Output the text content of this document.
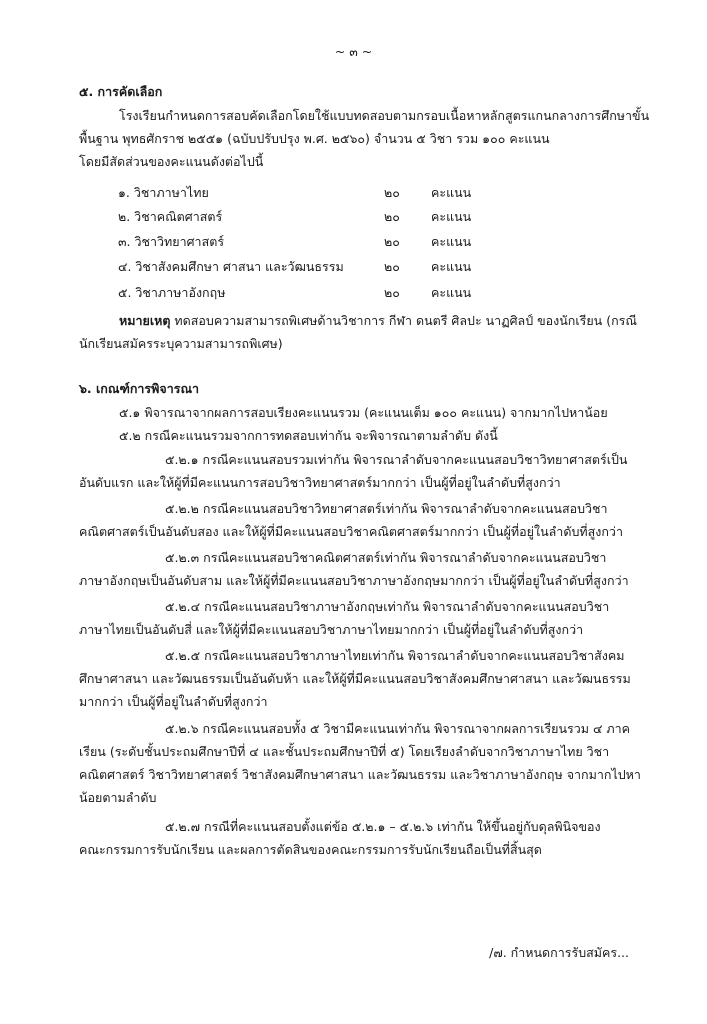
~ ๓ ~
๕. การคัดเลือก
โรงเรียนกำหนดการสอบคัดเลือกโดยใช้แบบทดสอบตามกรอบเนื้อหาหลักสูตรแกนกลางการศึกษาขั้น
พื้นฐาน พุทธศักราช ๒๕๕๑ (ฉบับปรับปรุง พ.ศ. ๒๕๖๐) จำนวน ๕ วิชา รวม ๑๐๐ คะแนน
โดยมีสัดส่วนของคะแนนดังต่อไปนี้
๑. วิชาภาษาไทย	๒๐ คะแนน
๒. วิชาคณิตศาสตร์	๒๐ คะแนน
๓. วิชาวิทยาศาสตร์	๒๐ คะแนน
๔. วิชาสังคมศึกษา ศาสนา และวัฒนธรรม	๒๐ คะแนน
๕. วิชาภาษาอังกฤษ	๒๐ คะแนน
หมายเหตุ ทดสอบความสามารถพิเศษด้านวิชาการ กีฬา ดนตรี ศิลปะ นาฏศิลป์ ของนักเรียน (กรณี
นักเรียนสมัครระบุความสามารถพิเศษ)
๖. เกณฑ์การพิจารณา
๕.๑ พิจารณาจากผลการสอบเรียงคะแนนรวม (คะแนนเต็ม ๑๐๐ คะแนน) จากมากไปหาน้อย
๕.๒ กรณีคะแนนรวมจากการทดสอบเท่ากัน จะพิจารณาตามลำดับ ดังนี้
๕.๒.๑ กรณีคะแนนสอบรวมเท่ากัน พิจารณาลำดับจากคะแนนสอบวิชาวิทยาศาสตร์เป็น
อันดับแรก และให้ผู้ที่มีคะแนนการสอบวิชาวิทยาศาสตร์มากกว่า เป็นผู้ที่อยู่ในลำดับที่สูงกว่า
๕.๒.๒ กรณีคะแนนสอบวิชาวิทยาศาสตร์เท่ากัน พิจารณาลำดับจากคะแนนสอบวิชา
คณิตศาสตร์เป็นอันดับสอง และให้ผู้ที่มีคะแนนสอบวิชาคณิตศาสตร์มากกว่า เป็นผู้ที่อยู่ในลำดับที่สูงกว่า
๕.๒.๓ กรณีคะแนนสอบวิชาคณิตศาสตร์เท่ากัน พิจารณาลำดับจากคะแนนสอบวิชา
ภาษาอังกฤษเป็นอันดับสาม และให้ผู้ที่มีคะแนนสอบวิชาภาษาอังกฤษมากกว่า เป็นผู้ที่อยู่ในลำดับที่สูงกว่า
๕.๒.๔ กรณีคะแนนสอบวิชาภาษาอังกฤษเท่ากัน พิจารณาลำดับจากคะแนนสอบวิชา
ภาษาไทยเป็นอันดับสี่ และให้ผู้ที่มีคะแนนสอบวิชาภาษาไทยมากกว่า เป็นผู้ที่อยู่ในลำดับที่สูงกว่า
๕.๒.๕ กรณีคะแนนสอบวิชาภาษาไทยเท่ากัน พิจารณาลำดับจากคะแนนสอบวิชาสังคม
ศึกษาศาสนา และวัฒนธรรมเป็นอันดับห้า และให้ผู้ที่มีคะแนนสอบวิชาสังคมศึกษาศาสนา และวัฒนธรรม
มากกว่า เป็นผู้ที่อยู่ในลำดับที่สูงกว่า
๕.๒.๖ กรณีคะแนนสอบทั้ง ๕ วิชามีคะแนนเท่ากัน พิจารณาจากผลการเรียนรวม ๔ ภาค
เรียน (ระดับชั้นประถมศึกษาปีที่ ๔ และชั้นประถมศึกษาปีที่ ๕) โดยเรียงลำดับจากวิชาภาษาไทย วิชา
คณิตศาสตร์ วิชาวิทยาศาสตร์ วิชาสังคมศึกษาศาสนา และวัฒนธรรม และวิชาภาษาอังกฤษ จากมากไปหา
น้อยตามลำดับ
๕.๒.๗ กรณีที่คะแนนสอบตั้งแต่ข้อ ๕.๒.๑ – ๕.๒.๖ เท่ากัน ให้ขึ้นอยู่กับดุลพินิจของ
คณะกรรมการรับนักเรียน และผลการตัดสินของคณะกรรมการรับนักเรียนถือเป็นที่สิ้นสุด
/๗. กำหนดการรับสมัคร...
